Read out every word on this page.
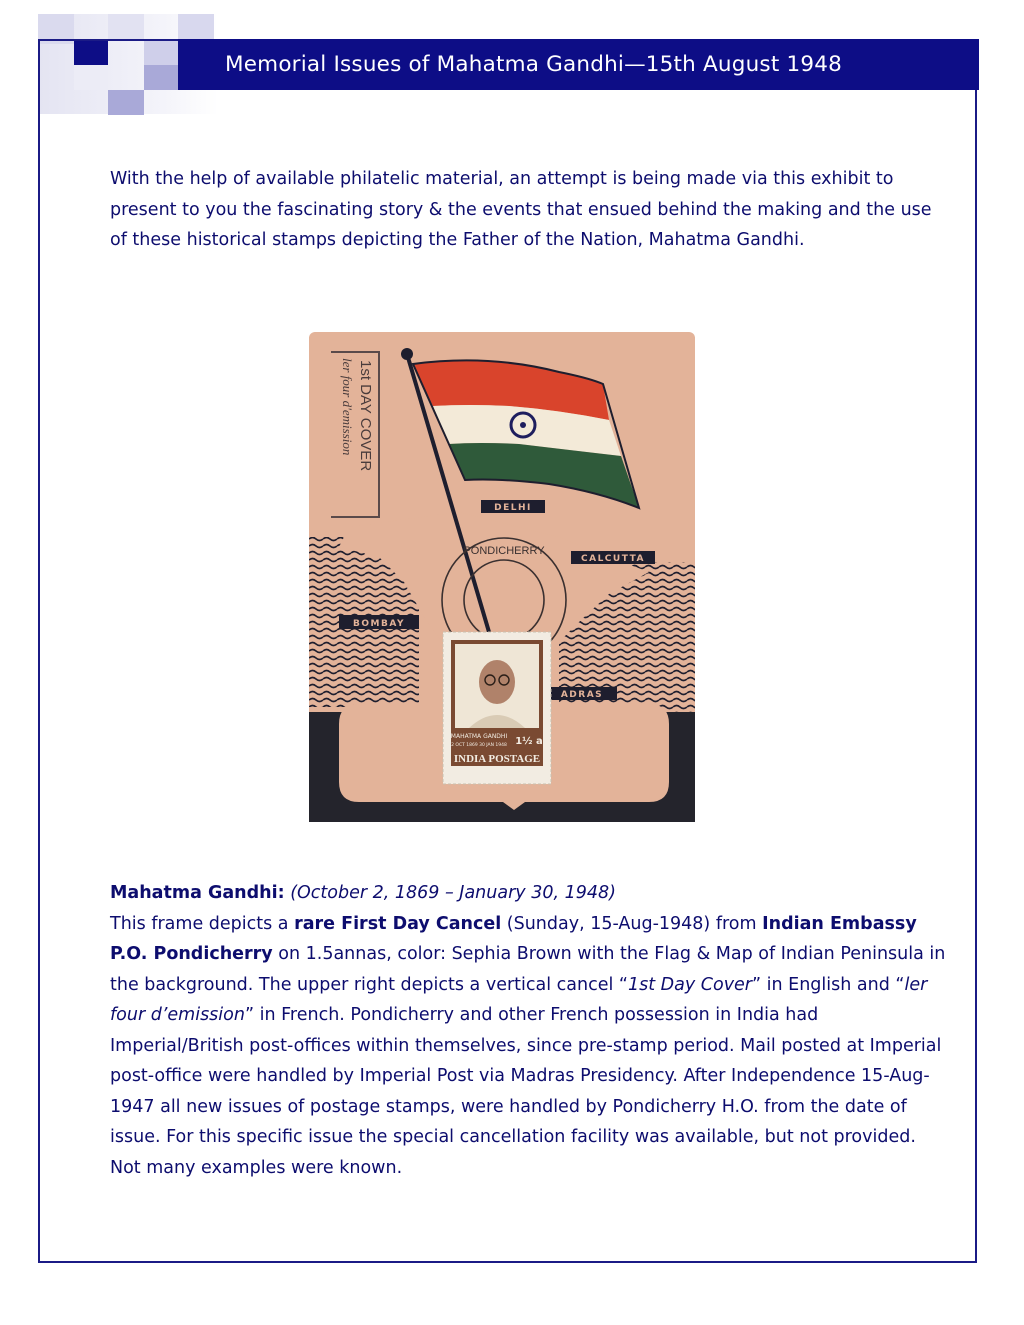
Memorial Issues of Mahatma Gandhi—15th August 1948

With the help of available philatelic material, an attempt is being made via this exhibit to present to you the fascinating story & the events that ensued behind the making and the use of these historical stamps depicting the Father of the Nation, Mahatma Gandhi.

1st DAY COVER
ler four d'emission
DELHI
CALCUTTA
BOMBAY
ADRAS
PONDICHERRY
MAHATMA GANDHI
2 OCT 1869 30 JAN 1948 1½ a
INDIA POSTAGE

Mahatma Gandhi: (October 2, 1869 – January 30, 1948)
This frame depicts a rare First Day Cancel (Sunday, 15-Aug-1948) from Indian Embassy P.O. Pondicherry on 1.5annas, color: Sephia Brown with the Flag & Map of Indian Peninsula in the background. The upper right depicts a vertical cancel “1st Day Cover” in English and “ler four d’emission” in French. Pondicherry and other French possession in India had Imperial/British post-offices within themselves, since pre-stamp period. Mail posted at Imperial post-office were handled by Imperial Post via Madras Presidency. After Independence 15-Aug-1947 all new issues of postage stamps, were handled by Pondicherry H.O. from the date of issue. For this specific issue the special cancellation facility was available, but not provided. Not many examples were known.
